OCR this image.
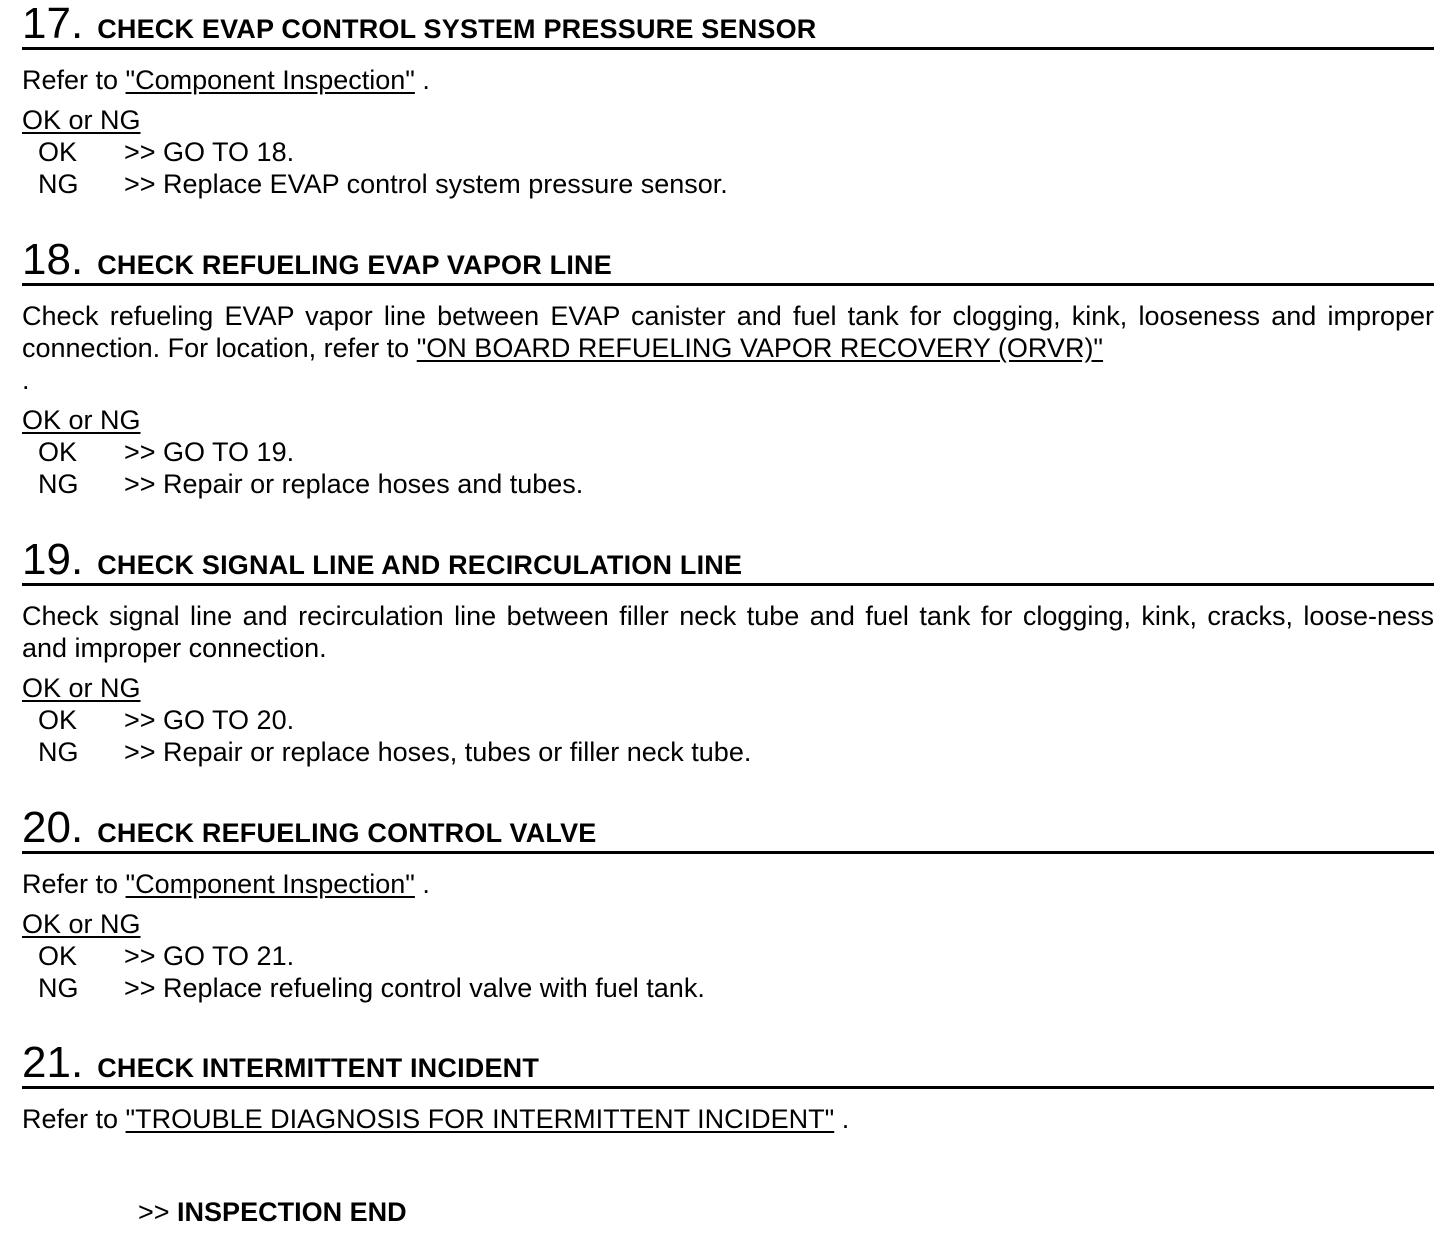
17 . CHECK EVAP CONTROL SYSTEM PRESSURE SENSOR
Refer to "Component Inspection" .
OK or NG
OK	>> GO TO 18.
NG	>> Replace EVAP control system pressure sensor.
18 . CHECK REFUELING EVAP VAPOR LINE
Check refueling EVAP vapor line between EVAP canister and fuel tank for clogging, kink, looseness and improper connection. For location, refer to "ON BOARD REFUELING VAPOR RECOVERY (ORVR)"
.
OK or NG
OK	>> GO TO 19.
NG	>> Repair or replace hoses and tubes.
19 . CHECK SIGNAL LINE AND RECIRCULATION LINE
Check signal line and recirculation line between filler neck tube and fuel tank for clogging, kink, cracks, loose-ness and improper connection.
OK or NG
OK	>> GO TO 20.
NG	>> Repair or replace hoses, tubes or filler neck tube.
20 . CHECK REFUELING CONTROL VALVE
Refer to "Component Inspection" .
OK or NG
OK	>> GO TO 21.
NG	>> Replace refueling control valve with fuel tank.
21 . CHECK INTERMITTENT INCIDENT
Refer to "TROUBLE DIAGNOSIS FOR INTERMITTENT INCIDENT" .
>> INSPECTION END
